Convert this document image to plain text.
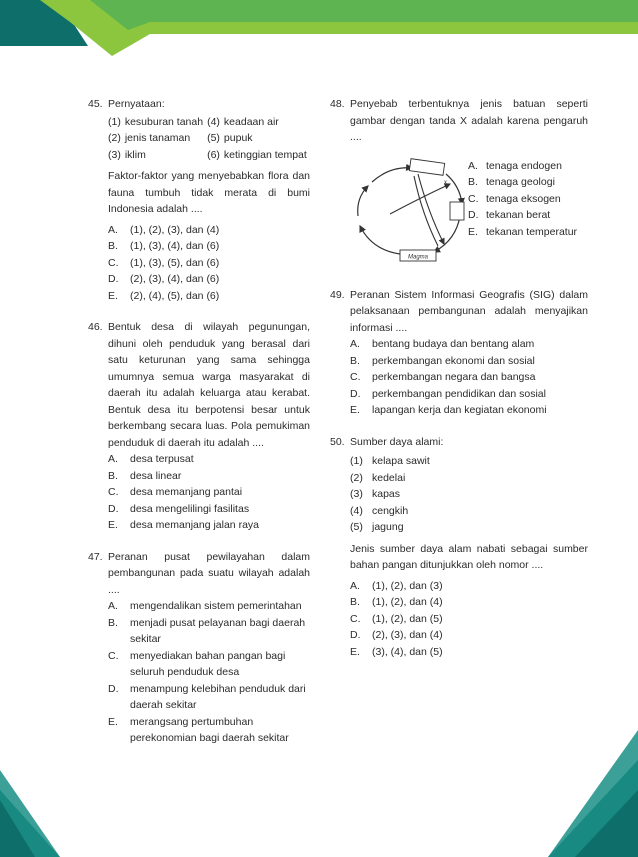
45. Pernyataan:
(1)	kesuburan tanah	(4)	keadaan air
(2)	jenis tanaman	(5)	pupuk
(3)	iklim	(6)	ketinggian tempat
Faktor-faktor yang menyebabkan flora dan fauna tumbuh tidak merata di bumi Indonesia adalah ....
A. (1), (2), (3), dan (4)
B. (1), (3), (4), dan (6)
C. (1), (3), (5), dan (6)
D. (2), (3), (4), dan (6)
E. (2), (4), (5), dan (6)
46. Bentuk desa di wilayah pegunungan, dihuni oleh penduduk yang berasal dari satu keturunan yang sama sehingga umumnya semua warga masyarakat di daerah itu adalah keluarga atau kerabat. Bentuk desa itu berpotensi besar untuk berkembang secara luas. Pola pemukiman penduduk di daerah itu adalah ....
A. desa terpusat
B. desa linear
C. desa memanjang pantai
D. desa mengelilingi fasilitas
E. desa memanjang jalan raya
47. Peranan pusat pewilayahan dalam pembangunan pada suatu wilayah adalah ....
A. mengendalikan sistem pemerintahan
B. menjadi pusat pelayanan bagi daerah sekitar
C. menyediakan bahan pangan bagi seluruh penduduk desa
D. menampung kelebihan penduduk dari daerah sekitar
E. merangsang pertumbuhan perekonomian bagi daerah sekitar
48. Penyebab terbentuknya jenis batuan seperti gambar dengan tanda X adalah karena pengaruh ....
Magma
x
A. tenaga endogen
B. tenaga geologi
C. tenaga eksogen
D. tekanan berat
E. tekanan temperatur
49. Peranan Sistem Informasi Geografis (SIG) dalam pelaksanaan pembangunan adalah menyajikan informasi ....
A. bentang budaya dan bentang alam
B. perkembangan ekonomi dan sosial
C. perkembangan negara dan bangsa
D. perkembangan pendidikan dan sosial
E. lapangan kerja dan kegiatan ekonomi
50. Sumber daya alami:
(1) kelapa sawit
(2) kedelai
(3) kapas
(4) cengkih
(5) jagung
Jenis sumber daya alam nabati sebagai sumber bahan pangan ditunjukkan oleh nomor ....
A. (1), (2), dan (3)
B. (1), (2), dan (4)
C. (1), (2), dan (5)
D. (2), (3), dan (4)
E. (3), (4), dan (5)
